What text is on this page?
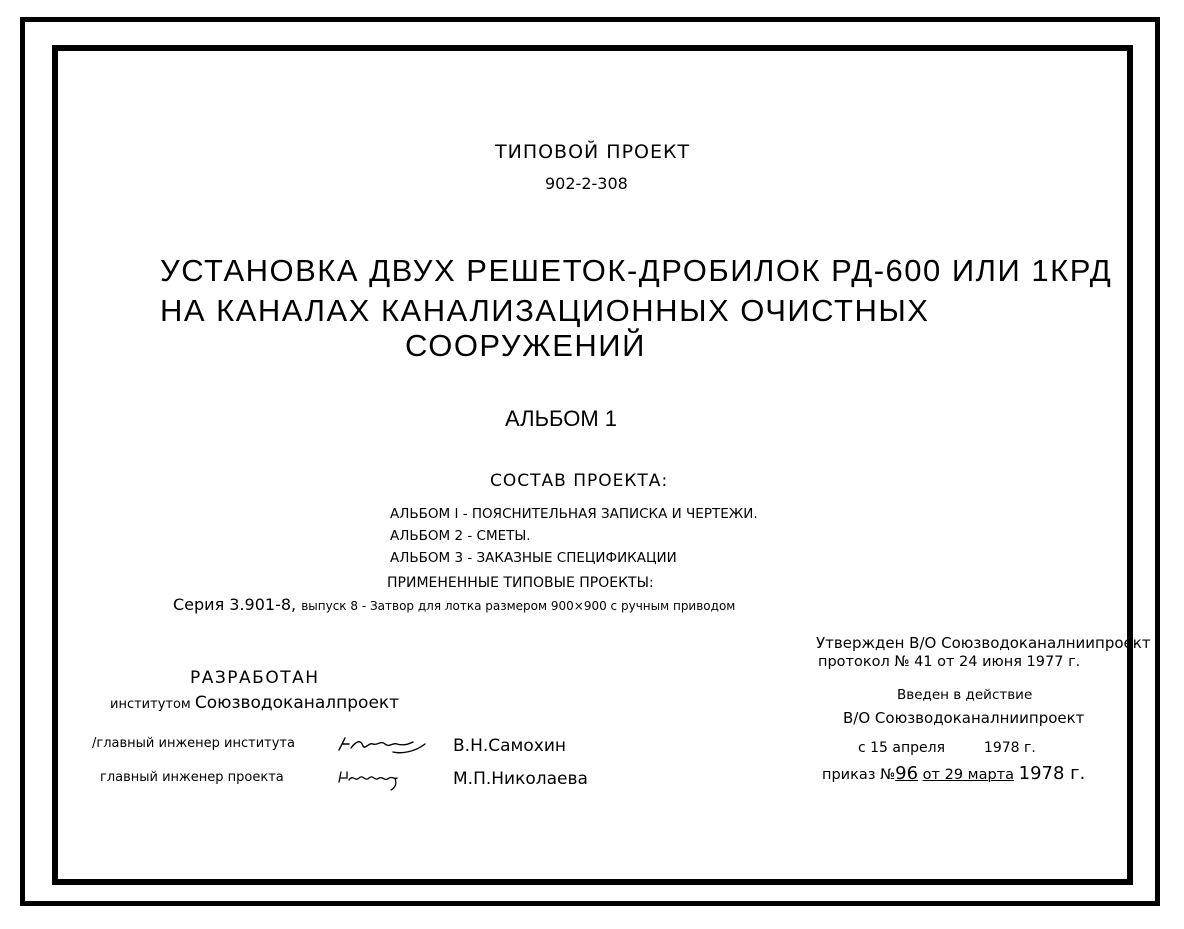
ТИПОВОЙ ПРОЕКТ
902-2-308
УСТАНОВКА ДВУХ РЕШЕТОК-ДРОБИЛОК РД-600 ИЛИ 1КРД
НА КАНАЛАХ КАНАЛИЗАЦИОННЫХ ОЧИСТНЫХ
СООРУЖЕНИЙ
АЛЬБОМ 1
СОСТАВ ПРОЕКТА:
АЛЬБОМ I - ПОЯСНИТЕЛЬНАЯ ЗАПИСКА И ЧЕРТЕЖИ.
АЛЬБОМ 2 - СМЕТЫ.
АЛЬБОМ 3 - ЗАКАЗНЫЕ СПЕЦИФИКАЦИИ
ПРИМЕНЕННЫЕ ТИПОВЫЕ ПРОЕКТЫ:
Серия 3.901-8, выпуск 8 - Затвор для лотка размером 900×900 с ручным приводом
РАЗРАБОТАН
институтом Союзводоканалпроект
/главный инженер института	В.Н.Самохин
главный инженер проекта	М.П.Николаева
Утвержден В/О Союзводоканалниипроект
протокол № 41 от 24 июня 1977 г.
Введен в действие
В/О Союзводоканалниипроект
с 15 апреля	1978 г.
приказ №96 от 29 марта 1978 г.
